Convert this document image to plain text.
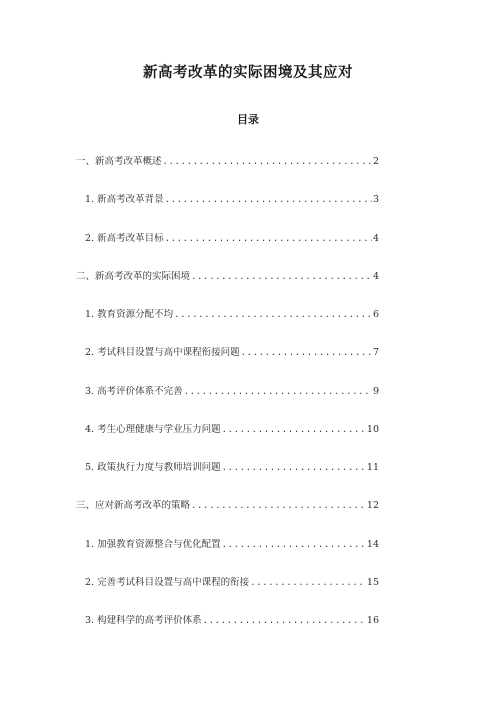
新高考改革的实际困境及其应对
目录
一、新高考改革概述 .....	2
1. 新高考改革背景 .....	3
2. 新高考改革目标 .....	4
二、新高考改革的实际困境 .....	4
1. 教育资源分配不均 .....	6
2. 考试科目设置与高中课程衔接问题 .....	7
3. 高考评价体系不完善 .....	9
4. 考生心理健康与学业压力问题 .....	10
5. 政策执行力度与教师培训问题 .....	11
三、应对新高考改革的策略 .....	12
1. 加强教育资源整合与优化配置 .....	14
2. 完善考试科目设置与高中课程的衔接 .....	15
3. 构建科学的高考评价体系 .....	16
